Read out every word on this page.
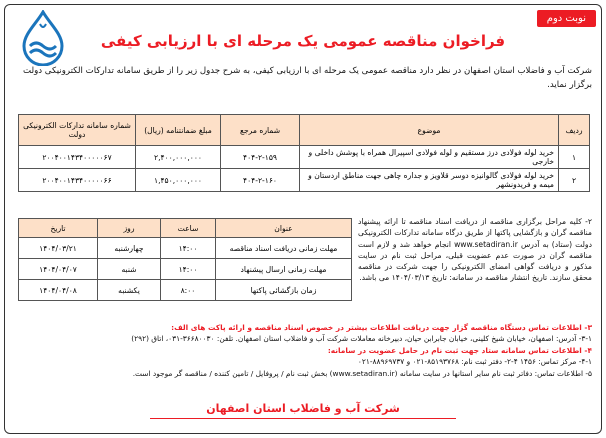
نوبت دوم
فراخوان مناقصه عمومی یک مرحله ای با ارزیابی کیفی
شرکت آب و فاضلاب استان اصفهان در نظر دارد مناقصه عمومی یک مرحله ای با ارزیابی کیفی، به شرح جدول زیر را از طریق سامانه تدارکات الکترونیکی دولت برگزار نماید.
ردیف	موضوع	شماره مرجع	مبلغ ضمانتنامه (ریال)	شماره سامانه تدارکات الکترونیکی دولت
۱	خرید لوله فولادی درز مستقیم و لوله فولادی اسپیرال همراه با پوشش داخلی و خارجی	۴۰۴-۲-۱۵۹	۲,۴۰۰,۰۰۰,۰۰۰	۲۰۰۴۰۰۱۴۳۴۰۰۰۰۰۶۷
۲	خرید لوله فولادی گالوانیزه دوسر قلاویز و جداره چاهی جهت مناطق اردستان و میمه و فریدونشهر	۴۰۴-۲-۱۶۰	۱,۴۵۰,۰۰۰,۰۰۰	۲۰۰۴۰۰۱۴۳۴۰۰۰۰۰۶۶
عنوان	ساعت	روز	تاریخ
مهلت زمانی دریافت اسناد مناقصه	۱۴:۰۰	چهارشنبه	۱۴۰۴/۰۳/۲۱
مهلت زمانی ارسال پیشنهاد	۱۴:۰۰	شنبه	۱۴۰۴/۰۴/۰۷
زمان بازگشائی پاکتها	۸:۰۰	یکشنبه	۱۴۰۴/۰۴/۰۸
۲- کلیه مراحل برگزاری مناقصه از دریافت اسناد مناقصه تا ارائه پیشنهاد مناقصه گران و بازگشایی پاکتها از طریق درگاه سامانه تدارکات الکترونیکی دولت (ستاد) به آدرس www.setadiran.ir انجام خواهد شد و لازم است مناقصه گران در صورت عدم عضویت قبلی، مراحل ثبت نام در سایت مذکور و دریافت گواهی امضای الکترونیکی را جهت شرکت در مناقصه محقق سازند. تاریخ انتشار مناقصه در سامانه: تاریخ ۱۴۰۴/۰۳/۱۳ می باشد.
۳- اطلاعات تماس دستگاه مناقصه گزار جهت دریافت اطلاعات بیشتر در خصوص اسناد مناقصه و ارائه پاکت های الف:
۳-۱- آدرس: اصفهان، خیابان شیخ کلینی، خیابان جابرابن حیان، دبیرخانه معاملات شرکت آب و فاضلاب استان اصفهان. تلفن: ۳۶۶۸۰۰۳۰-۰۳۱، اتاق (۲۹۲)
۴- اطلاعات تماس سامانه ستاد جهت ثبت نام در حامل عضویت در سامانه:
۴-۱- مرکز تماس: ۱۴۵۶ ۴-۲- دفتر ثبت نام: ۸۵۱۹۳۷۶۸-۰۲۱ و ۸۸۹۶۹۷۳۷-۰۲۱
۵- اطلاعات تماس: دفاتر ثبت نام سایر استانها در سایت سامانه (www.setadiran.ir) بخش ثبت نام / پروفایل / تامین کننده / مناقصه گر موجود است.
شرکت آب و فاضلاب استان اصفهان
